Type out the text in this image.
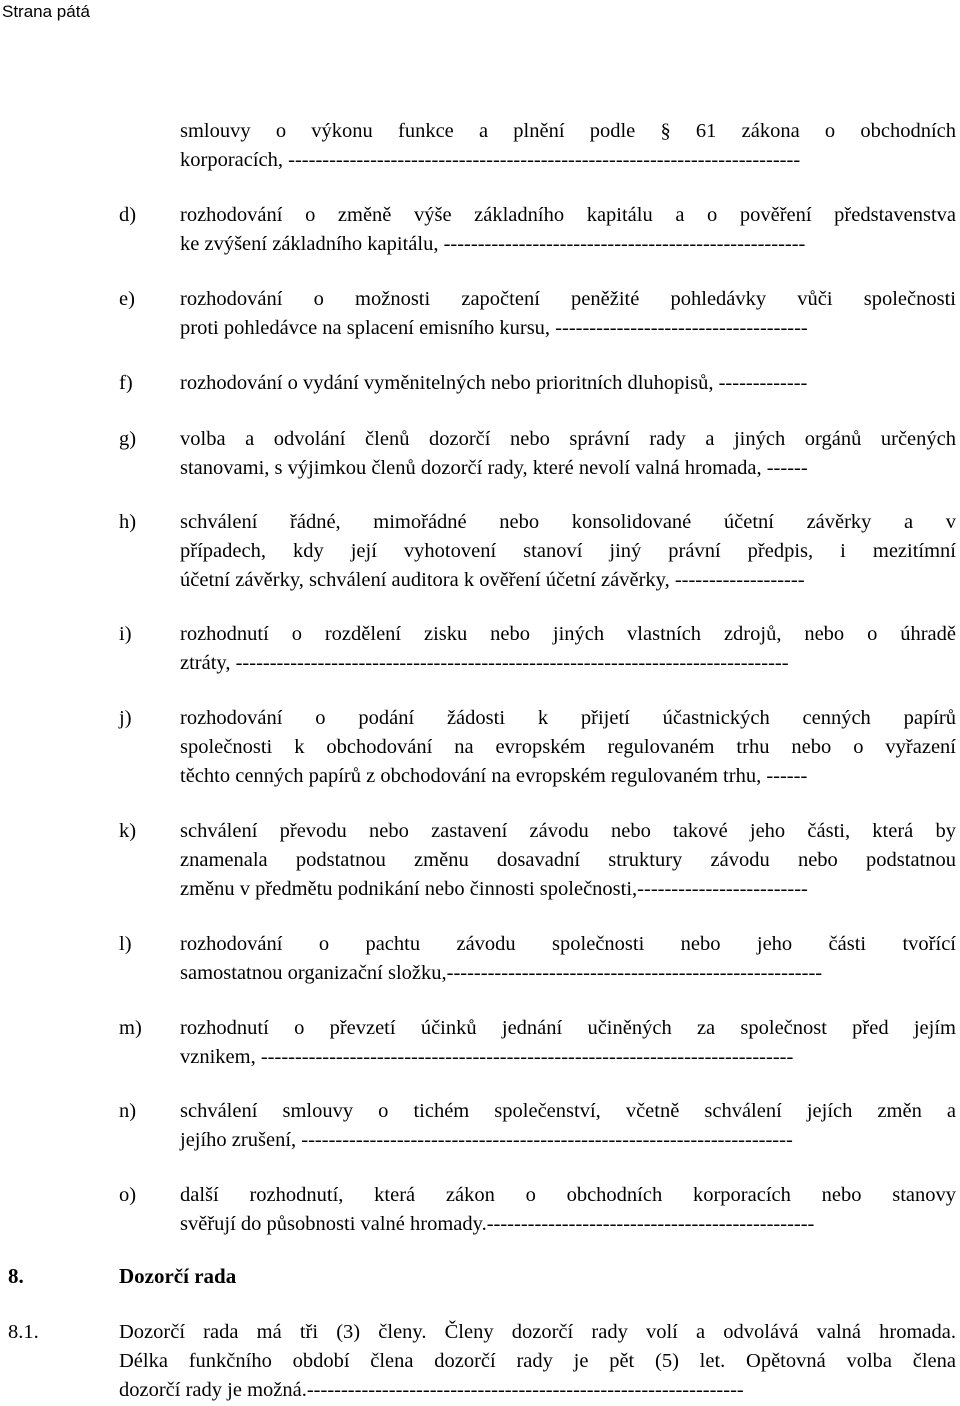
Strana pátá
smlouvy o výkonu funkce a plnění podle § 61 zákona o obchodních
korporacích, ---------------------------------------------------------------------------
d) rozhodování o změně výše základního kapitálu a o pověření představenstva
ke zvýšení základního kapitálu, -----------------------------------------------------
e) rozhodování o možnosti započtení peněžité pohledávky vůči společnosti
proti pohledávce na splacení emisního kursu, -------------------------------------
f) rozhodování o vydání vyměnitelných nebo prioritních dluhopisů, -------------
g) volba a odvolání členů dozorčí nebo správní rady a jiných orgánů určených
stanovami, s výjimkou členů dozorčí rady, které nevolí valná hromada, ------
h) schválení řádné, mimořádné nebo konsolidované účetní závěrky a v
případech, kdy její vyhotovení stanoví jiný právní předpis, i mezitímní
účetní závěrky, schválení auditora k ověření účetní závěrky, -------------------
i) rozhodnutí o rozdělení zisku nebo jiných vlastních zdrojů, nebo o úhradě
ztráty, ---------------------------------------------------------------------------------
j) rozhodování o podání žádosti k přijetí účastnických cenných papírů
společnosti k obchodování na evropském regulovaném trhu nebo o vyřazení
těchto cenných papírů z obchodování na evropském regulovaném trhu, ------
k) schválení převodu nebo zastavení závodu nebo takové jeho části, která by
znamenala podstatnou změnu dosavadní struktury závodu nebo podstatnou
změnu v předmětu podnikání nebo činnosti společnosti,-------------------------
l) rozhodování o pachtu závodu společnosti nebo jeho části tvořící
samostatnou organizační složku,-------------------------------------------------------
m) rozhodnutí o převzetí účinků jednání učiněných za společnost před jejím
vznikem, ------------------------------------------------------------------------------
n) schválení smlouvy o tichém společenství, včetně schválení jejích změn a
jejího zrušení, ------------------------------------------------------------------------
o) další rozhodnutí, která zákon o obchodních korporacích nebo stanovy
svěřují do působnosti valné hromady.------------------------------------------------
8.	Dozorčí rada
8.1.	Dozorčí rada má tři (3) členy. Členy dozorčí rady volí a odvolává valná hromada.
Délka funkčního období člena dozorčí rady je pět (5) let. Opětovná volba člena
dozorčí rady je možná.----------------------------------------------------------------
